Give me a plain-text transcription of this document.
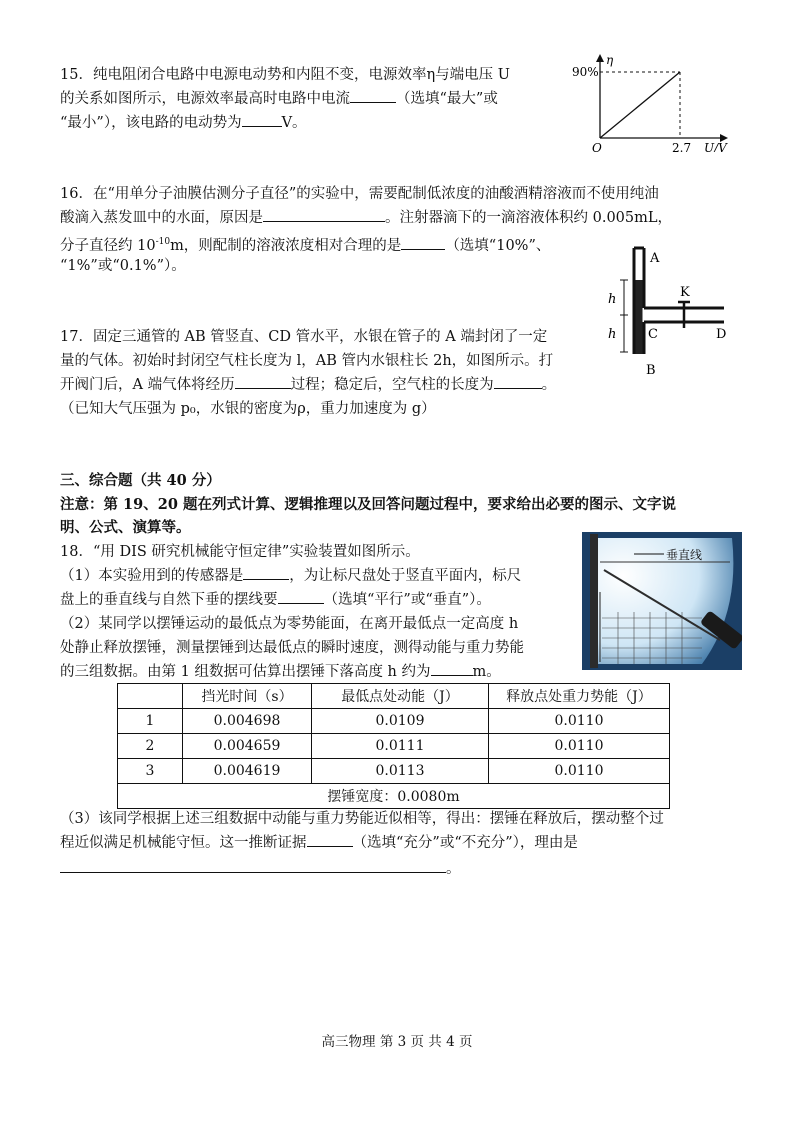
15．纯电阻闭合电路中电源电动势和内阻不变，电源效率η与端电压 U
的关系如图所示，电源效率最高时电路中电流	（选填“最大”或
“最小”），该电路的电动势为	V。
η
90%
O	2.7 U/V
16．在“用单分子油膜估测分子直径”的实验中，需要配制低浓度的油酸酒精溶液而不使用纯油
酸滴入蒸发皿中的水面，原因是	。注射器滴下的一滴溶液体积约 0.005mL，
分子直径约 $10^{-10}m$，则配制的溶液浓度相对合理的是	（选填“10%”、
“1%”或“0.1%”）。
h
h
A
B
C	D
K
17．固定三通管的 AB 管竖直、CD 管水平，水银在管子的 A 端封闭了一定
量的气体。初始时封闭空气柱长度为 l，AB 管内水银柱长 2h，如图所示。打
开阀门后，A 端气体将经历	过程；稳定后，空气柱的长度为	。
（已知大气压强为 p₀，水银的密度为ρ，重力加速度为 g）
三、综合题（共 40 分）
注意：第 19、20 题在列式计算、逻辑推理以及回答问题过程中，要求给出必要的图示、文字说
明、公式、演算等。
18．“用 DIS 研究机械能守恒定律”实验装置如图所示。
（1）本实验用到的传感器是	，为让标尺盘处于竖直平面内，标尺
盘上的垂直线与自然下垂的摆线要	（选填“平行”或“垂直”）。
（2）某同学以摆锤运动的最低点为零势能面，在离开最低点一定高度 h
处静止释放摆锤，测量摆锤到达最低点的瞬时速度，测得动能与重力势能
的三组数据。由第 1 组数据可估算出摆锤下落高度 h 约为	m。
垂直线
	挡光时间（s）	最低点处动能（J）	释放点处重力势能（J）
1	0.004698	0.0109	0.0110
2	0.004659	0.0111	0.0110
3	0.004619	0.0113	0.0110
摆锤宽度：0.0080m			
（3）该同学根据上述三组数据中动能与重力势能近似相等，得出：摆锤在释放后，摆动整个过
程近似满足机械能守恒。这一推断证据	（选填“充分”或“不充分”），理由是
。
高三物理 第 3 页 共 4 页
